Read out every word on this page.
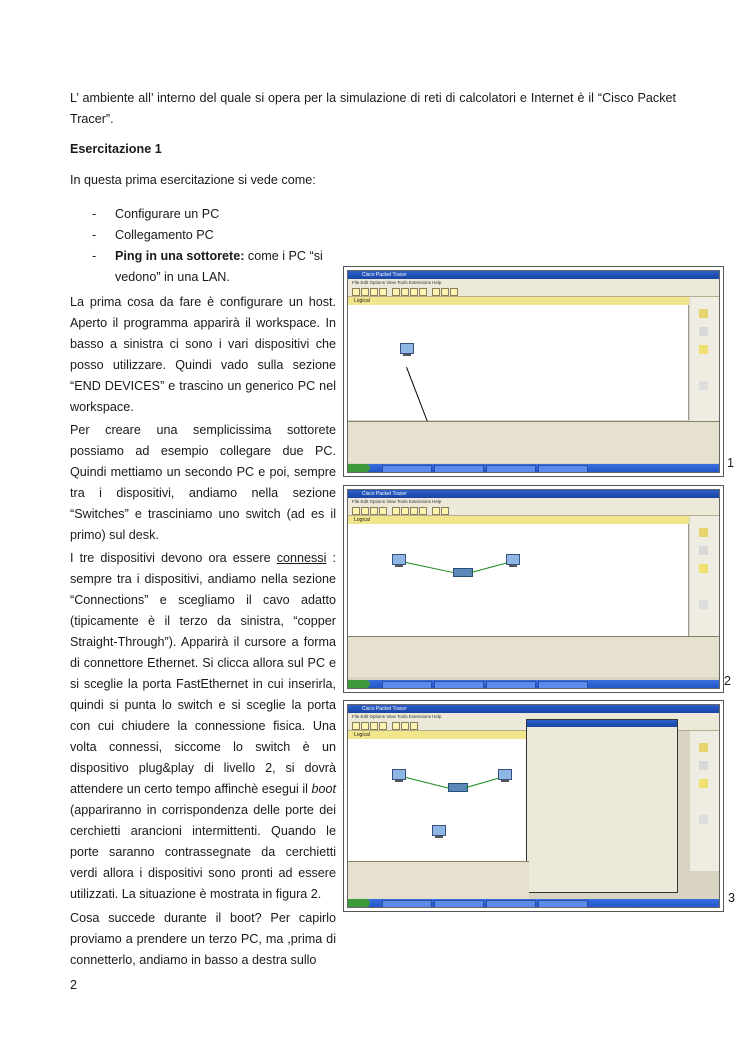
L’ ambiente all’ interno del quale si opera per la simulazione di reti di calcolatori e Internet è il “Cisco Packet Tracer”.
Esercitazione 1
In questa prima esercitazione si vede come:
- Configurare un PC
- Collegamento PC
- Ping in una sottorete: come i PC “si vedono” in una LAN.
La prima cosa da fare è configurare un host. Aperto il programma apparirà il workspace. In basso a sinistra ci sono i vari dispositivi che posso utilizzare. Quindi vado sulla sezione “END DEVICES” e trascino un generico PC nel workspace.
Per creare una semplicissima sottorete possiamo ad esempio collegare due PC. Quindi mettiamo un secondo PC e poi, sempre tra i dispositivi, andiamo nella sezione “Switches” e trasciniamo uno switch (ad es il primo) sul desk.
I tre dispositivi devono ora essere connessi : sempre tra i dispositivi, andiamo nella sezione “Connections” e scegliamo il cavo adatto (tipicamente è il terzo da sinistra, “copper Straight-Through”). Apparirà il cursore a forma di connettore Ethernet. Si clicca allora sul PC e si sceglie la porta FastEthernet in cui inserirla, quindi si punta lo switch e si sceglie la porta con cui chiudere la connessione fisica. Una volta connessi, siccome lo switch è un dispositivo plug&play di livello 2, si dovrà attendere un certo tempo affinchè esegui il boot (appariranno in corrispondenza delle porte dei cerchietti arancioni intermittenti. Quando le porte saranno contrassegnate da cerchietti verdi allora i dispositivi sono pronti ad essere utilizzati. La situazione è mostrata in figura 2.
Cosa succede durante il boot? Per capirlo proviamo a prendere un terzo PC, ma ,prima di connetterlo, andiamo in basso a destra sullo
2
Cisco Packet Tracer
File Edit Options View Tools Extensions Help
Logical
1
Cisco Packet Tracer
File Edit Options View Tools Extensions Help
Logical
2
Cisco Packet Tracer
File Edit Options View Tools Extensions Help
Logical
3
